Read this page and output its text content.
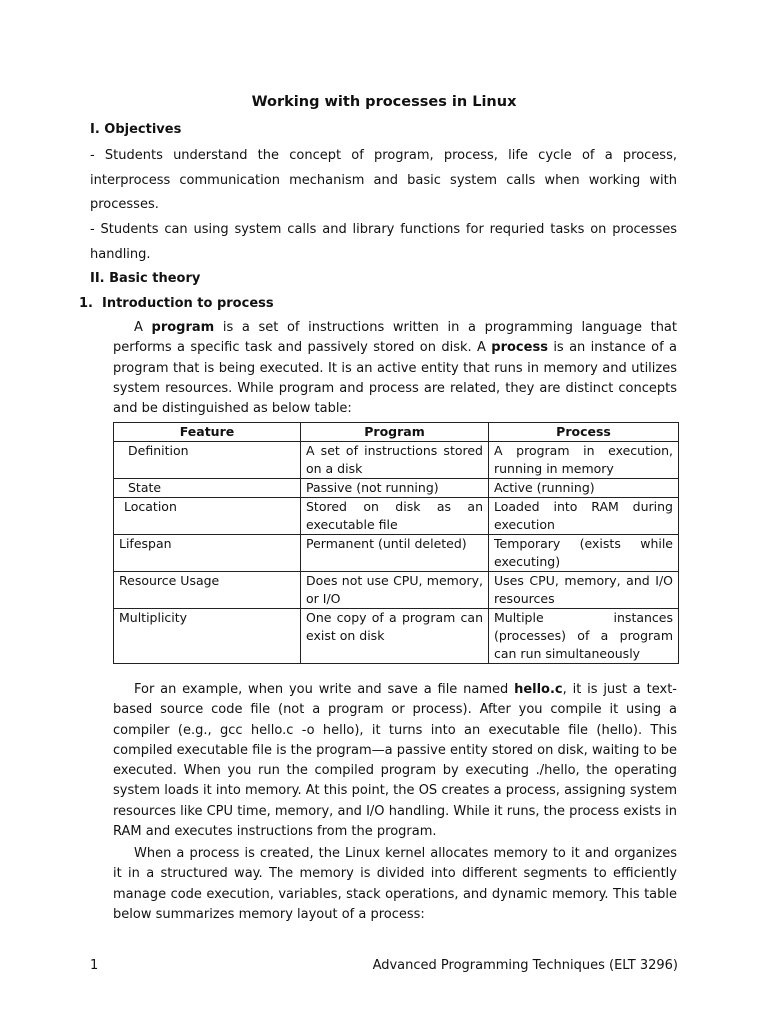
Working with processes in Linux
I. Objectives
- Students understand the concept of program, process, life cycle of a process, interprocess communication mechanism and basic system calls when working with processes.
- Students can using system calls and library functions for requried tasks on processes handling.
II. Basic theory
1. Introduction to process

A program is a set of instructions written in a programming language that performs a specific task and passively stored on disk. A process is an instance of a program that is being executed. It is an active entity that runs in memory and utilizes system resources. While program and process are related, they are distinct concepts and be distinguished as below table:

Feature	Program	Process
Definition	A set of instructions stored on a disk	A program in execution, running in memory
State	Passive (not running)	Active (running)
Location	Stored on disk as an executable file	Loaded into RAM during execution
Lifespan	Permanent (until deleted)	Temporary (exists while executing)
Resource Usage	Does not use CPU, memory, or I/O	Uses CPU, memory, and I/O resources
Multiplicity	One copy of a program can exist on disk	Multiple instances (processes) of a program can run simultaneously

For an example, when you write and save a file named hello.c, it is just a text-based source code file (not a program or process). After you compile it using a compiler (e.g., gcc hello.c -o hello), it turns into an executable file (hello). This compiled executable file is the program—a passive entity stored on disk, waiting to be executed. When you run the compiled program by executing ./hello, the operating system loads it into memory. At this point, the OS creates a process, assigning system resources like CPU time, memory, and I/O handling. While it runs, the process exists in RAM and executes instructions from the program.

When a process is created, the Linux kernel allocates memory to it and organizes it in a structured way. The memory is divided into different segments to efficiently manage code execution, variables, stack operations, and dynamic memory. This table below summarizes memory layout of a process:

1	Advanced Programming Techniques (ELT 3296)
